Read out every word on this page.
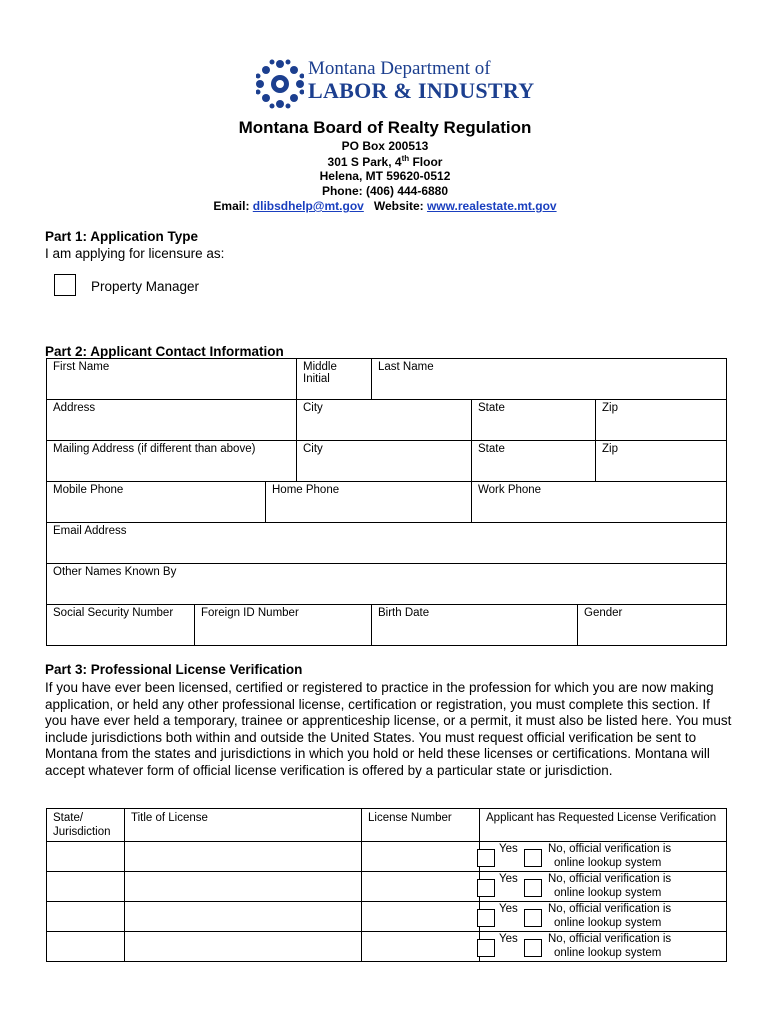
Montana Department of
LABOR & INDUSTRY
Montana Board of Realty Regulation
PO Box 200513
301 S Park, 4th Floor
Helena, MT 59620-0512
Phone: (406) 444-6880
Email: dlibsdhelp@mt.gov Website: www.realestate.mt.gov
Part 1: Application Type
I am applying for licensure as:
Property Manager
Part 2: Applicant Contact Information
First Name			Middle Initial	Last Name			
Address			City		State		Zip
Mailing Address (if different than above)			City		State		Zip
Mobile Phone		Home Phone			Work Phone		
Email Address							
Other Names Known By							
Social Security Number	Foreign ID Number			Birth Date		Gender	
Part 3: Professional License Verification
If you have ever been licensed, certified or registered to practice in the profession for which you are now making application, or held any other professional license, certification or registration, you must complete this section. If you have ever held a temporary, trainee or apprenticeship license, or a permit, it must also be listed here. You must include jurisdictions both within and outside the United States. You must request official verification be sent to Montana from the states and jurisdictions in which you hold or held these licenses or certifications. Montana will accept whatever form of official license verification is offered by a particular state or jurisdiction.
State/ Jurisdiction	Title of License	License Number	Applicant has Requested License Verification

			Yes No, official verification is
online lookup system

			Yes No, official verification is
online lookup system

			Yes No, official verification is
online lookup system

			Yes No, official verification is
online lookup system
